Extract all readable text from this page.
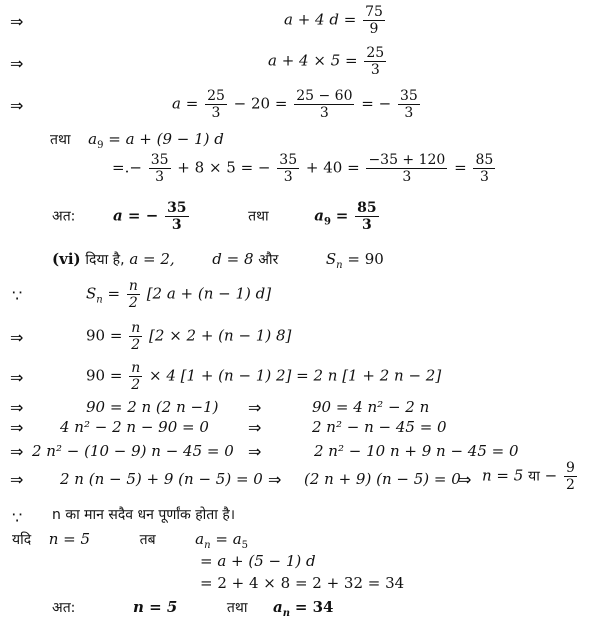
⇒	a + 4 $d = \frac{75}{9}$
⇒	$a + 4 \times 5 = \frac{25}{3}$
⇒	$a = \frac{25}{3} - 20 = \frac{25 - 60}{3}$ = − $\frac{35}{3}$
तथा $a_9 = a + (9 - 1)$ d
=.− $\frac{35}{3} + 8 \times 5$ = − $\frac{35}{3} + 40 = \frac{-35 + 120}{3} = \frac{85}{3}$
अत:	a = − $\frac{35}{3}$	तथा	$a_9 = \frac{85}{3}$
(vi) दिया है, a = 2,	d = 8 और	$S_n = 90$
∵	$S_n = \frac{n}{2} [2$ a + (n − 1) d]
⇒	$90 = \frac{n}{2} [2 \times 2 + (n - 1)$ 8]
⇒	$90 = \frac{n}{2} \times 4$ [1 + (n − 1) 2] = 2 n [1 + 2 n − 2]
⇒	90 = 2 n (2 n −1) ⇒	90 = 4 n² − 2 n
⇒ 4 n² − 2 n − 90 = 0 ⇒	2 n² − n − 45 = 0
⇒ 2 n² − (10 − 9) n − 45 = 0 ⇒	2 n² − 10 n + 9 n − 45 = 0
⇒ 2 n (n − 5) + 9 (n − 5) = 0 ⇒ (2 n + 9) (n − 5) = 0
⇒ n = 5 या − $\frac{9}{2}$
∵ n का मान सदैव धन पूर्णांक होता है।
यदि n = 5	तब	$a_n = a_5$
= a + (5 − 1) d
= 2 + 4 × 8 = 2 + 32 = 34
अत:	n = 5	तथा $a_n = 34$
